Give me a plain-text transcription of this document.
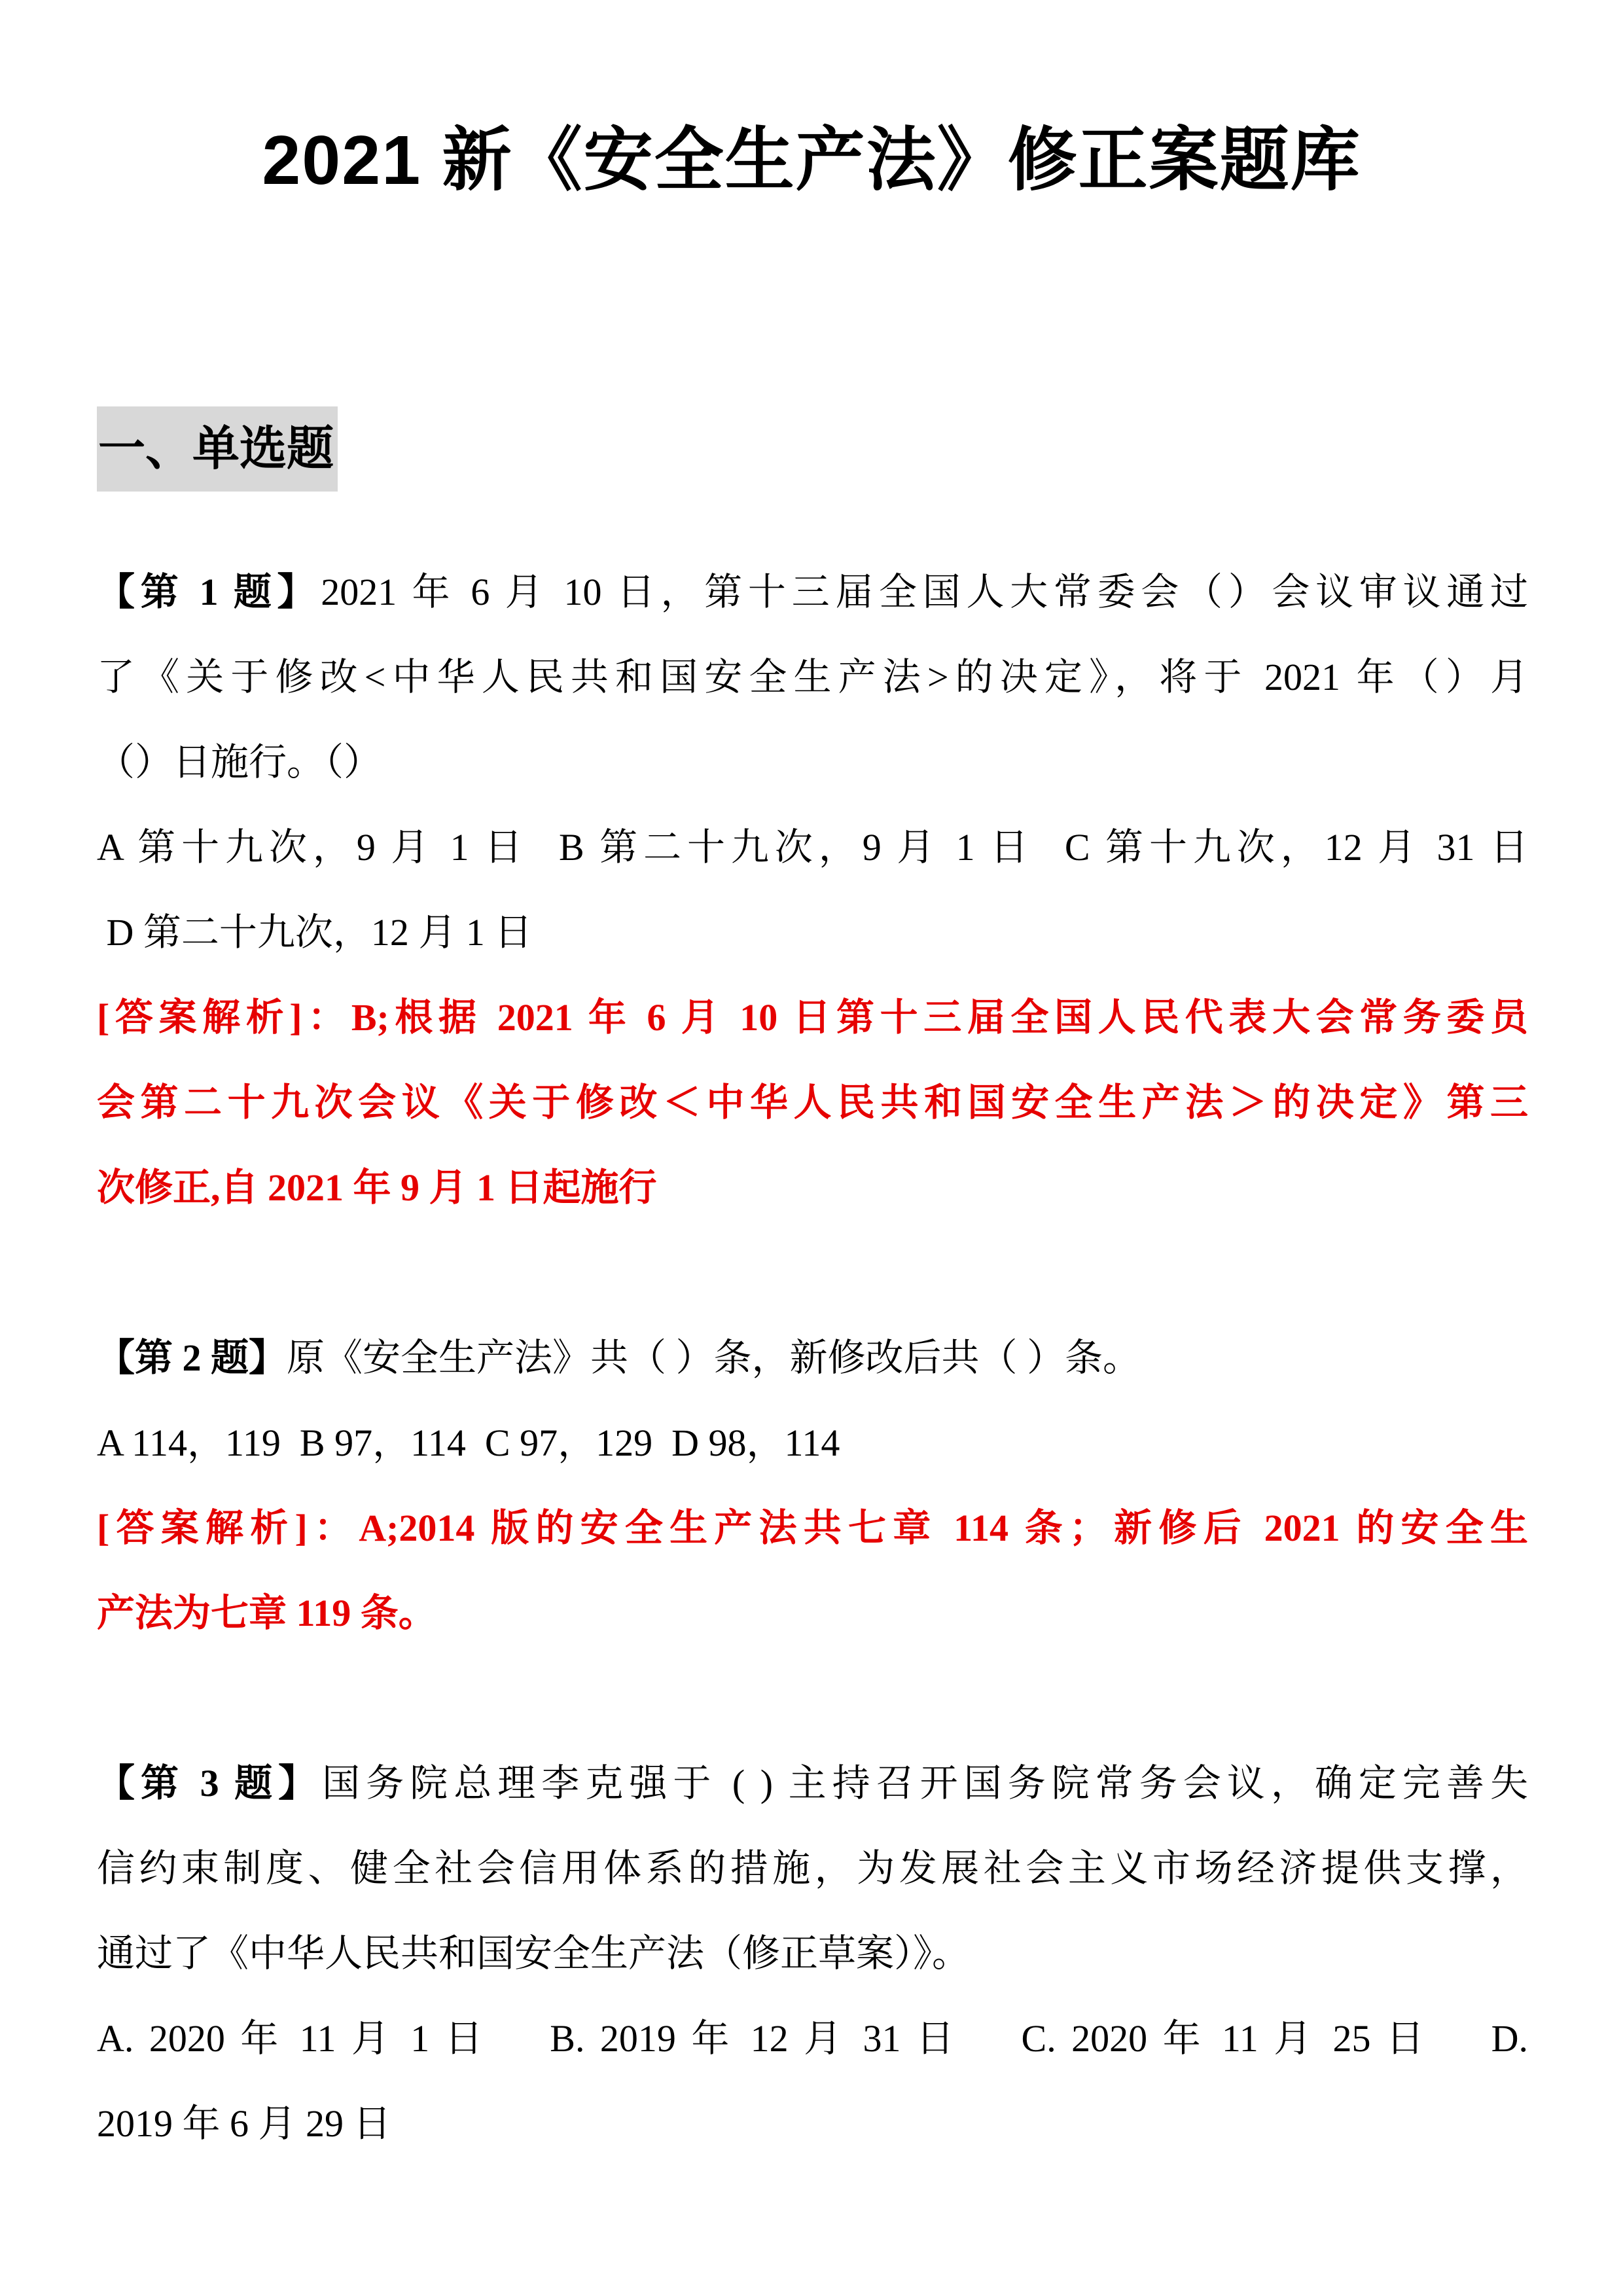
2021 新《安全生产法》修正案题库
一、单选题
【第 1 题】2021 年 6 月 10 日，第十三届全国人大常委会（）会议审议通过
了《关于修改<中华人民共和国安全生产法>的决定》，将于 2021 年（）月
（）日施行。（）
A 第十九次，9 月 1 日  B 第二十九次，9 月 1 日  C 第十九次，12 月 31 日
D 第二十九次，12 月 1 日
[答案解析]：B;根据 2021 年 6 月 10 日第十三届全国人民代表大会常务委员
会第二十九次会议《关于修改＜中华人民共和国安全生产法＞的决定》第三
次修正,自 2021 年 9 月 1 日起施行
【第 2 题】原《安全生产法》共（ ）条，新修改后共（ ）条。
A 114，119  B 97，114  C 97，129  D 98，114
[答案解析]：A;2014 版的安全生产法共七章 114 条；新修后 2021 的安全生
产法为七章 119 条。
【第 3 题】国务院总理李克强于 ( ) 主持召开国务院常务会议，确定完善失
信约束制度、健全社会信用体系的措施，为发展社会主义市场经济提供支撑，
通过了《中华人民共和国安全生产法（修正草案）》。
A. 2020 年 11 月 1 日    B. 2019 年 12 月 31 日    C. 2020 年 11 月 25 日    D.
2019 年 6 月 29 日
